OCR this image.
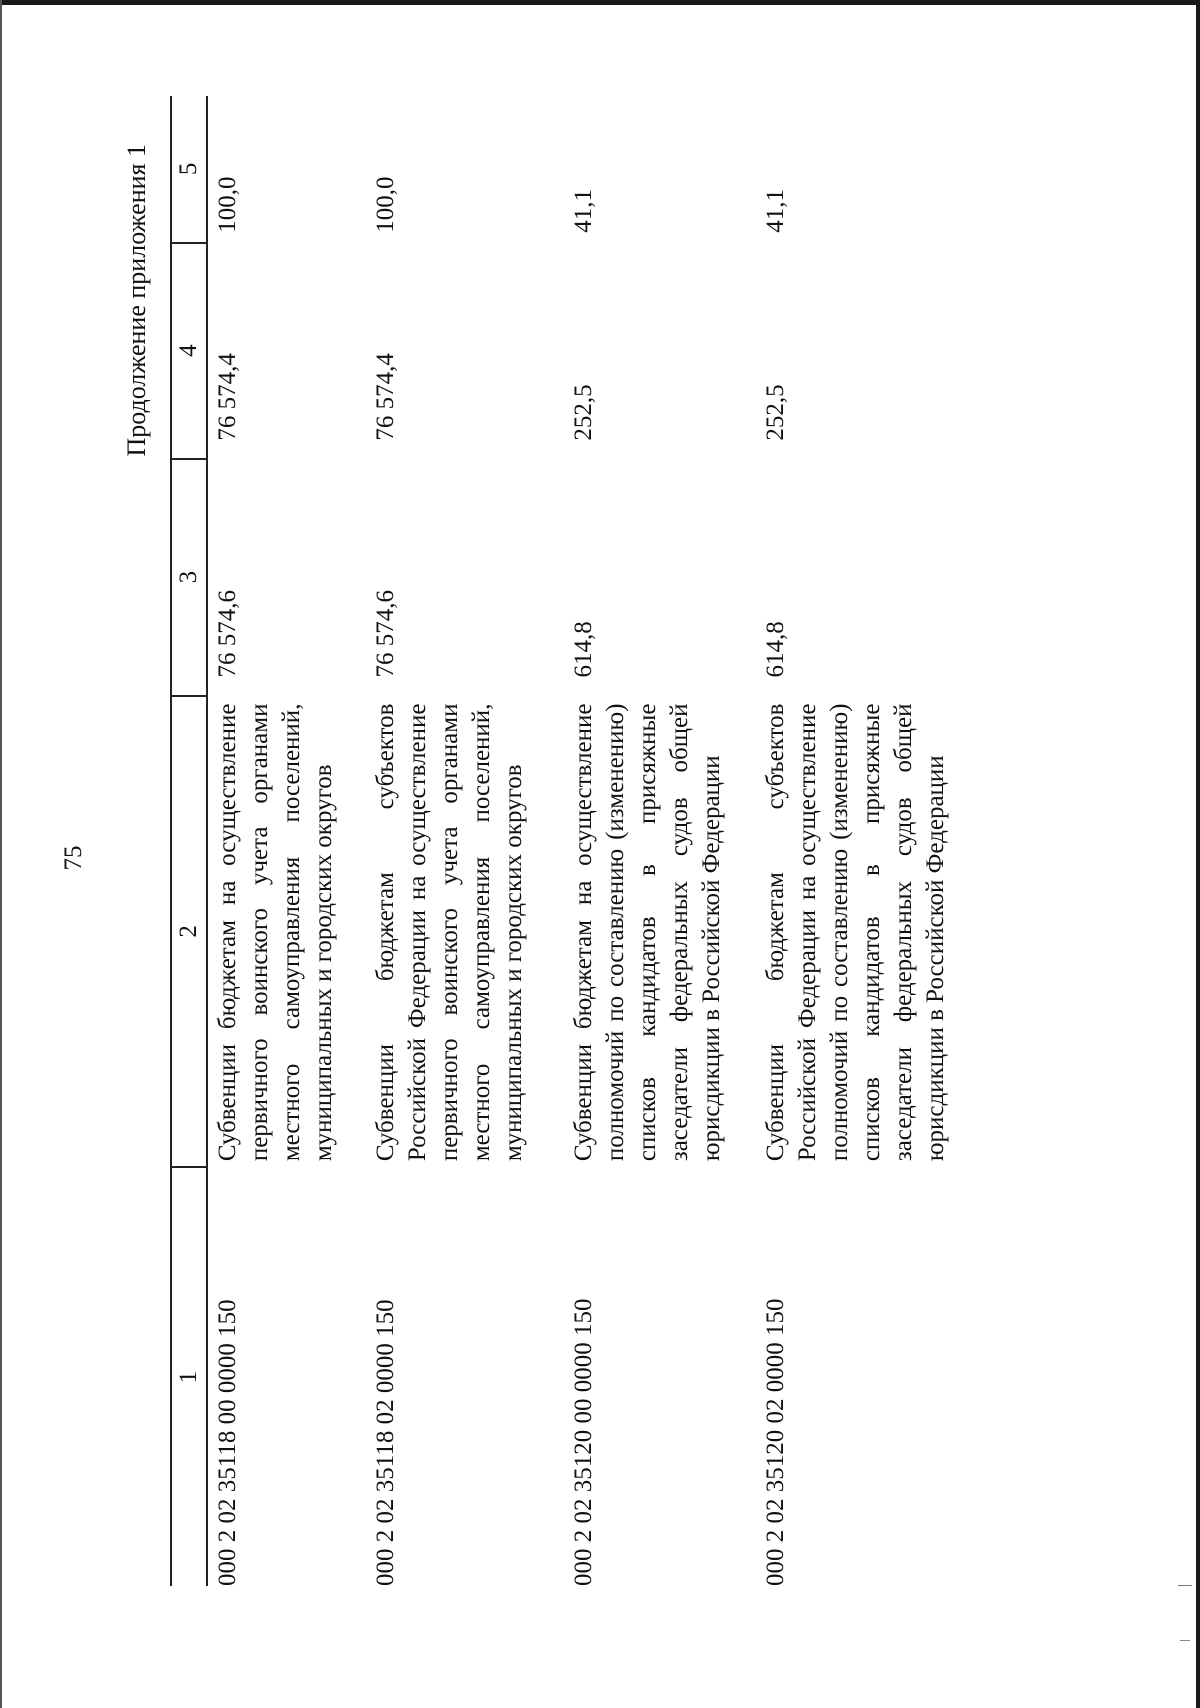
75
Продолжение приложения 1
1	2	3	4	5
000 2 02 35118 00 0000 150	Субвенции бюджетам на осуществление первичного воинского учета органами местного самоуправления поселений, муниципальных и городских округов	76 574,6	76 574,4	100,0
000 2 02 35118 02 0000 150	Субвенции бюджетам субъектов Российской Федерации на осуществление первичного воинского учета органами местного самоуправления поселений, муниципальных и городских округов	76 574,6	76 574,4	100,0
000 2 02 35120 00 0000 150	Субвенции бюджетам на осуществление полномочий по составлению (изменению) списков кандидатов в присяжные заседатели федеральных судов общей юрисдикции в Российской Федерации	614,8	252,5	41,1
000 2 02 35120 02 0000 150	Субвенции бюджетам субъектов Российской Федерации на осуществление полномочий по составлению (изменению) списков кандидатов в присяжные заседатели федеральных судов общей юрисдикции в Российской Федерации	614,8	252,5	41,1
